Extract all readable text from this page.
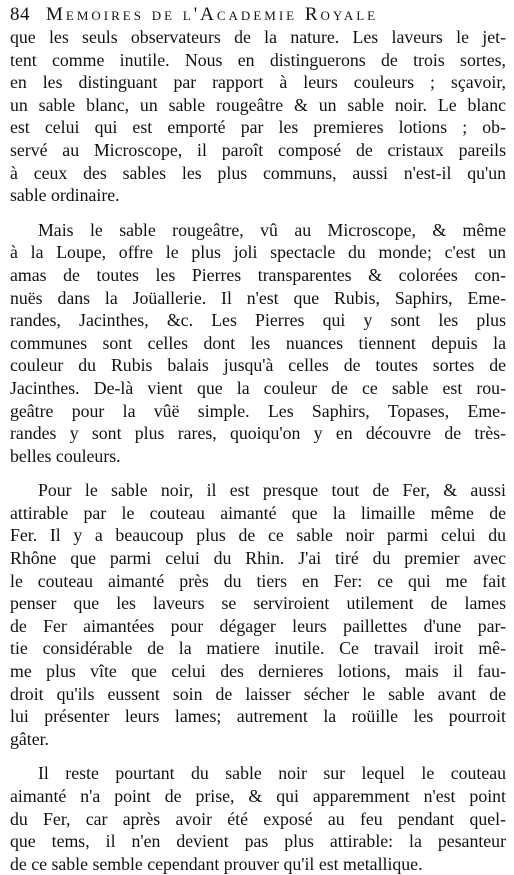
84 Memoires de l'Academie Royale
que les seuls observateurs de la nature. Les laveurs le jet-
tent comme inutile. Nous en distinguerons de trois sortes,
en les distinguant par rapport à leurs couleurs ; sçavoir,
un sable blanc, un sable rougeâtre & un sable noir. Le blanc
est celui qui est emporté par les premieres lotions ; ob-
servé au Microscope, il paroît composé de cristaux pareils
à ceux des sables les plus communs, aussi n'est-il qu'un
sable ordinaire.
Mais le sable rougeâtre, vû au Microscope, & même
à la Loupe, offre le plus joli spectacle du monde; c'est un
amas de toutes les Pierres transparentes & colorées con-
nuës dans la Joüallerie. Il n'est que Rubis, Saphirs, Eme-
randes, Jacinthes, &c. Les Pierres qui y sont les plus
communes sont celles dont les nuances tiennent depuis la
couleur du Rubis balais jusqu'à celles de toutes sortes de
Jacinthes. De-là vient que la couleur de ce sable est rou-
geâtre pour la vûë simple. Les Saphirs, Topases, Eme-
randes y sont plus rares, quoiqu'on y en découvre de très-
belles couleurs.
Pour le sable noir, il est presque tout de Fer, & aussi
attirable par le couteau aimanté que la limaille même de
Fer. Il y a beaucoup plus de ce sable noir parmi celui du
Rhône que parmi celui du Rhin. J'ai tiré du premier avec
le couteau aimanté près du tiers en Fer: ce qui me fait
penser que les laveurs se serviroient utilement de lames
de Fer aimantées pour dégager leurs paillettes d'une par-
tie considérable de la matiere inutile. Ce travail iroit mê-
me plus vîte que celui des dernieres lotions, mais il fau-
droit qu'ils eussent soin de laisser sécher le sable avant de
lui présenter leurs lames; autrement la roüille les pourroit
gâter.
Il reste pourtant du sable noir sur lequel le couteau
aimanté n'a point de prise, & qui apparemment n'est point
du Fer, car après avoir été exposé au feu pendant quel-
que tems, il n'en devient pas plus attirable: la pesanteur
de ce sable semble cependant prouver qu'il est metallique.
